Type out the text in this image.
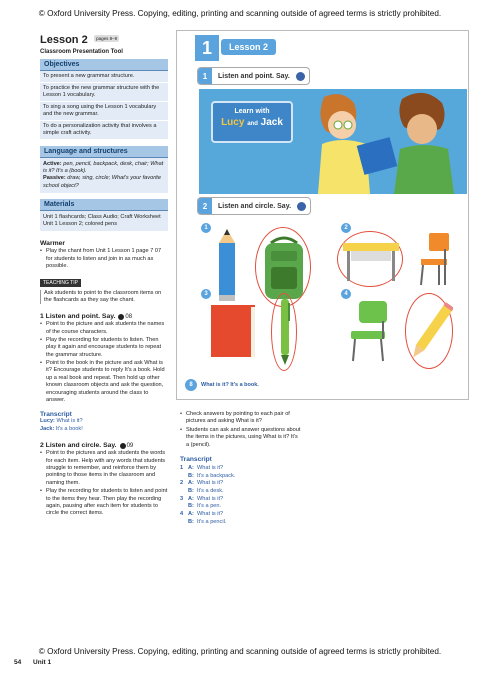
© Oxford University Press. Copying, editing, printing and scanning outside of agreed terms is strictly prohibited.
Lesson 2 pages 8–9
Classroom Presentation Tool
Objectives
To present a new grammar structure.
To practice the new grammar structure with the Lesson 1 vocabulary.
To sing a song using the Lesson 1 vocabulary and the new grammar.
To do a personalization activity that involves a simple craft activity.
Language and structures
Active: pen, pencil, backpack, desk, chair; What is it? It's a (book).
Passive: draw, sing, circle; What's your favorite school object?
Materials
Unit 1 flashcards; Class Audio; Craft Worksheet Unit 1 Lesson 2; colored pens
Warmer
• Play the chant from Unit 1 Lesson 1 page 7 07 for students to listen and join in as much as possible.
TEACHING TIP
Ask students to point to the classroom items on the flashcards as they say the chant.
1 Listen and point. Say. 08
• Point to the picture and ask students the names of the course characters.
• Play the recording for students to listen. Then play it again and encourage students to repeat the grammar structure.
• Point to the book in the picture and ask What is it? Encourage students to reply It's a book. Hold up a real book and repeat. Then hold up other known classroom objects and ask the question, encouraging students around the class to answer.
Transcript
Lucy: What is it?
Jack: It's a book!
2 Listen and circle. Say. 09
• Point to the pictures and ask students the words for each item. Help with any words that students struggle to remember, and reinforce them by pointing to those items in the classroom and naming them.
• Play the recording for students to listen and point to the items they hear. Then play the recording again, pausing after each item for students to circle the correct items.
1	Lesson 2
1	Listen and point. Say.
Learn with
Lucy and Jack
2	Listen and circle. Say.
1	2
3	4
8	What is it? It's a book.
• Check answers by pointing to each pair of pictures and asking What is it?
• Students can ask and answer questions about the items in the pictures, using What is it? It's a (pencil).
Transcript
1 A: What is it?
B: It's a backpack.
2 A: What is it?
B: It's a desk.
3 A: What is it?
B: It's a pen.
4 A: What is it?
B: It's a pencil.
© Oxford University Press. Copying, editing, printing and scanning outside of agreed terms is strictly prohibited.
54 Unit 1
